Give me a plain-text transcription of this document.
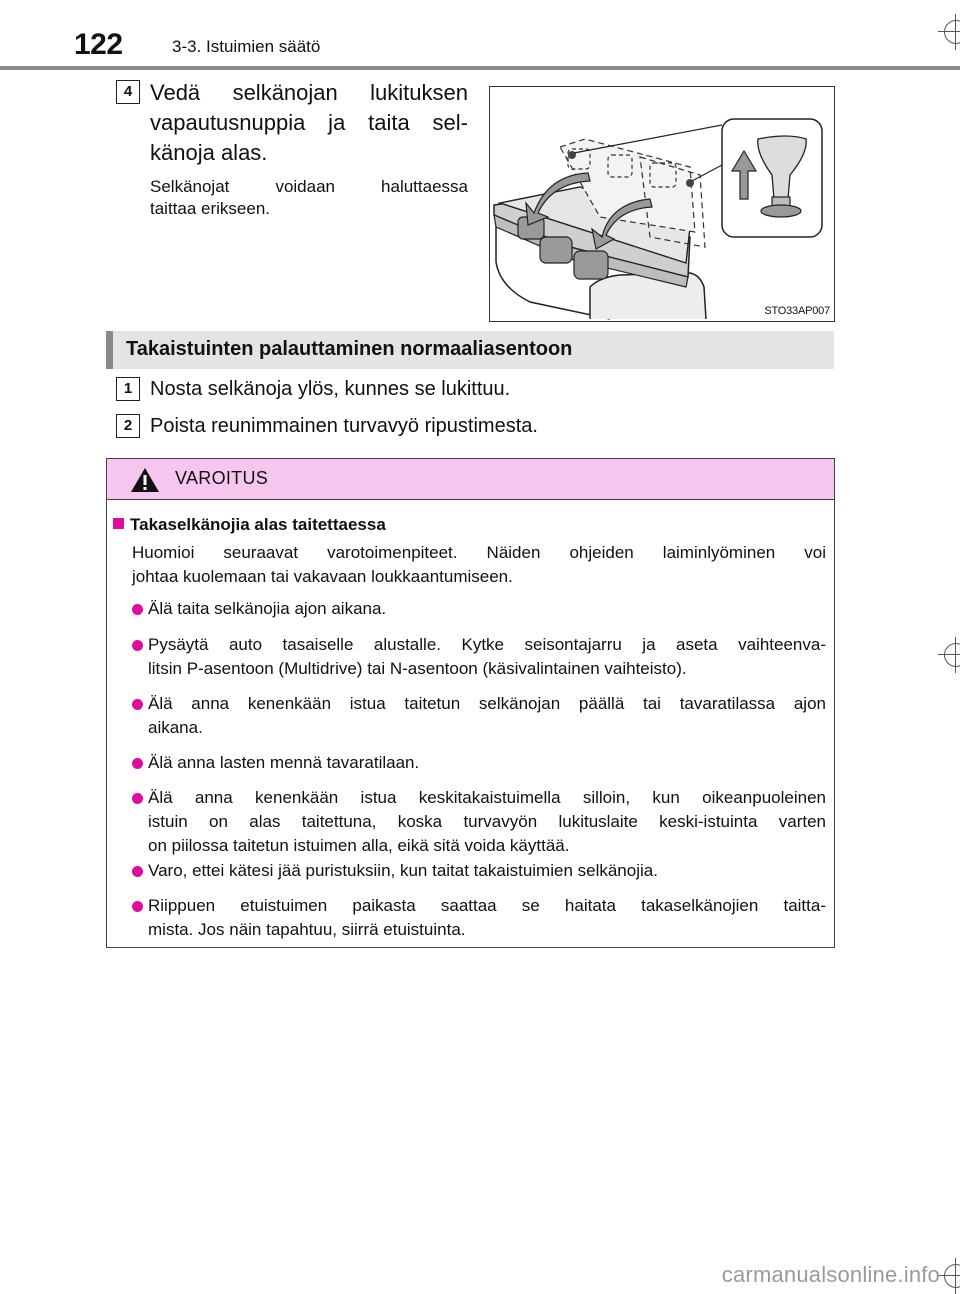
122	3-3. Istuimien säätö
4 Vedä selkänojan lukituksen
vapautusnuppia ja taita sel-
känoja alas.
Selkänojat voidaan haluttaessa
taittaa erikseen.
STO33AP007
Takaistuinten palauttaminen normaaliasentoon
1 Nosta selkänoja ylös, kunnes se lukittuu.
2 Poista reunimmainen turvavyö ripustimesta.
VAROITUS
Takaselkänojia alas taitettaessa
Huomioi seuraavat varotoimenpiteet. Näiden ohjeiden laiminlyöminen voi
johtaa kuolemaan tai vakavaan loukkaantumiseen.
Älä taita selkänojia ajon aikana.
Pysäytä auto tasaiselle alustalle. Kytke seisontajarru ja aseta vaihteenva-
litsin P-asentoon (Multidrive) tai N-asentoon (käsivalintainen vaihteisto).
Älä anna kenenkään istua taitetun selkänojan päällä tai tavaratilassa ajon
aikana.
Älä anna lasten mennä tavaratilaan.
Älä anna kenenkään istua keskitakaistuimella silloin, kun oikeanpuoleinen
istuin on alas taitettuna, koska turvavyön lukituslaite keski-istuinta varten
on piilossa taitetun istuimen alla, eikä sitä voida käyttää.
Varo, ettei kätesi jää puristuksiin, kun taitat takaistuimien selkänojia.
Riippuen etuistuimen paikasta saattaa se haitata takaselkänojien taitta-
mista. Jos näin tapahtuu, siirrä etuistuinta.
carmanualsonline.info
